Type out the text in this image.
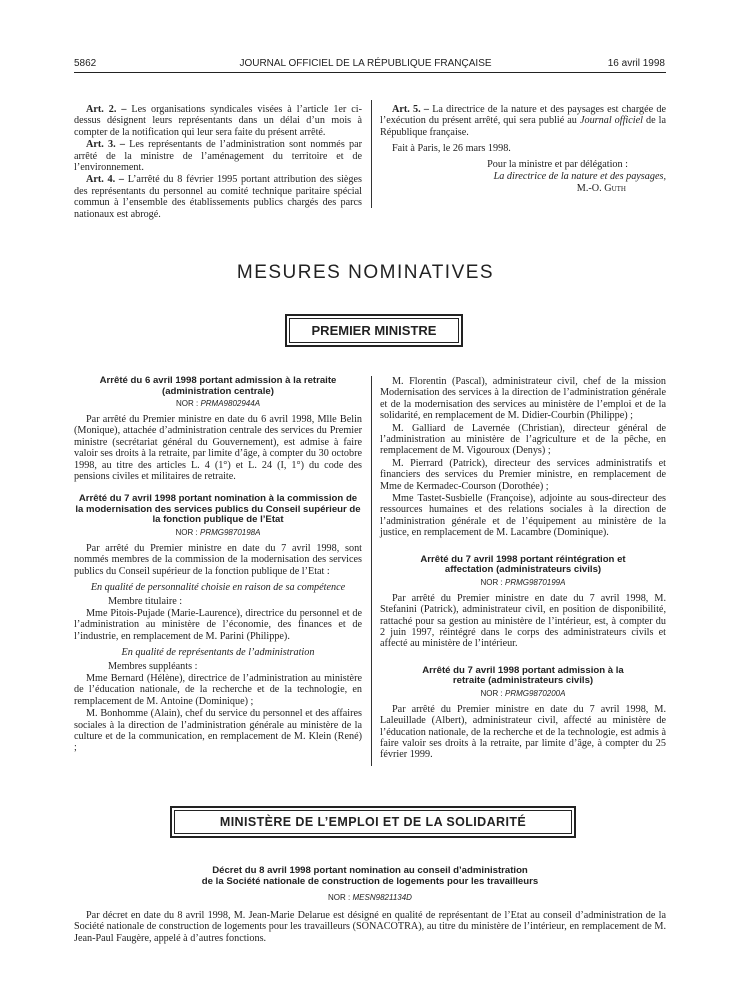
5862	JOURNAL OFFICIEL DE LA RÉPUBLIQUE FRANÇAISE	16 avril 1998

Art. 2. – Les organisations syndicales visées à l’article 1er ci-dessus désignent leurs représentants dans un délai d’un mois à compter de la notification qui leur sera faite du présent arrêté.

Art. 3. – Les représentants de l’administration sont nommés par arrêté de la ministre de l’aménagement du territoire et de l’environnement.

Art. 4. – L’arrêté du 8 février 1995 portant attribution des sièges des représentants du personnel au comité technique paritaire spécial commun à l’ensemble des établissements publics chargés des parcs nationaux est abrogé.

Art. 5. – La directrice de la nature et des paysages est chargée de l’exécution du présent arrêté, qui sera publié au Journal officiel de la République française.

Fait à Paris, le 26 mars 1998.

Pour la ministre et par délégation :

La directrice de la nature et des paysages,

M.-O. Guth

MESURES NOMINATIVES
PREMIER MINISTRE

Arrêté du 6 avril 1998 portant admission à la retraite (administration centrale)

NOR : PRMA9802944A

Par arrêté du Premier ministre en date du 6 avril 1998, Mlle Belin (Monique), attachée d’administration centrale des services du Premier ministre (secrétariat général du Gouvernement), est admise à faire valoir ses droits à la retraite, par limite d’âge, à compter du 30 octobre 1998, au titre des articles L. 4 (1°) et L. 24 (I, 1°) du code des pensions civiles et militaires de retraite.

Arrêté du 7 avril 1998 portant nomination à la commission de la modernisation des services publics du Conseil supérieur de la fonction publique de l’Etat

NOR : PRMG9870198A

Par arrêté du Premier ministre en date du 7 avril 1998, sont nommés membres de la commission de la modernisation des services publics du Conseil supérieur de la fonction publique de l’Etat :

En qualité de personnalité choisie en raison de sa compétence

Membre titulaire :

Mme Pitois-Pujade (Marie-Laurence), directrice du personnel et de l’administration au ministère de l’économie, des finances et de l’industrie, en remplacement de M. Parini (Philippe).

En qualité de représentants de l’administration

Membres suppléants :

Mme Bernard (Hélène), directrice de l’administration au ministère de l’éducation nationale, de la recherche et de la technologie, en remplacement de M. Antoine (Dominique) ;

M. Bonhomme (Alain), chef du service du personnel et des affaires sociales à la direction de l’administration générale au ministère de la culture et de la communication, en remplacement de M. Klein (René) ;

M. Florentin (Pascal), administrateur civil, chef de la mission Modernisation des services à la direction de l’administration générale et de la modernisation des services au ministère de l’emploi et de la solidarité, en remplacement de M. Didier-Courbin (Philippe) ;

M. Galliard de Lavernée (Christian), directeur général de l’administration au ministère de l’agriculture et de la pêche, en remplacement de M. Vigouroux (Denys) ;

M. Pierrard (Patrick), directeur des services administratifs et financiers des services du Premier ministre, en remplacement de Mme de Kermadec-Courson (Dorothée) ;

Mme Tastet-Susbielle (Françoise), adjointe au sous-directeur des ressources humaines et des relations sociales à la direction de l’administration générale et de l’équipement au ministère de la justice, en remplacement de M. Lacambre (Dominique).

Arrêté du 7 avril 1998 portant réintégration et affectation (administrateurs civils)

NOR : PRMG9870199A

Par arrêté du Premier ministre en date du 7 avril 1998, M. Stefanini (Patrick), administrateur civil, en position de disponibilité, rattaché pour sa gestion au ministère de l’intérieur, est, à compter du 2 juin 1997, réintégré dans le corps des administrateurs civils et affecté au ministère de l’intérieur.

Arrêté du 7 avril 1998 portant admission à la retraite (administrateurs civils)

NOR : PRMG9870200A

Par arrêté du Premier ministre en date du 7 avril 1998, M. Laleuillade (Albert), administrateur civil, affecté au ministère de l’éducation nationale, de la recherche et de la technologie, est admis à faire valoir ses droits à la retraite, par limite d’âge, à compter du 25 février 1999.

MINISTÈRE DE L’EMPLOI ET DE LA SOLIDARITÉ

Décret du 8 avril 1998 portant nomination au conseil d’administration

de la Société nationale de construction de logements pour les travailleurs

NOR : MESN9821134D

Par décret en date du 8 avril 1998, M. Jean-Marie Delarue est désigné en qualité de représentant de l’Etat au conseil d’administration de la Société nationale de construction de logements pour les travailleurs (SONACOTRA), au titre du ministère de l’intérieur, en remplacement de M. Jean-Paul Faugère, appelé à d’autres fonctions.
